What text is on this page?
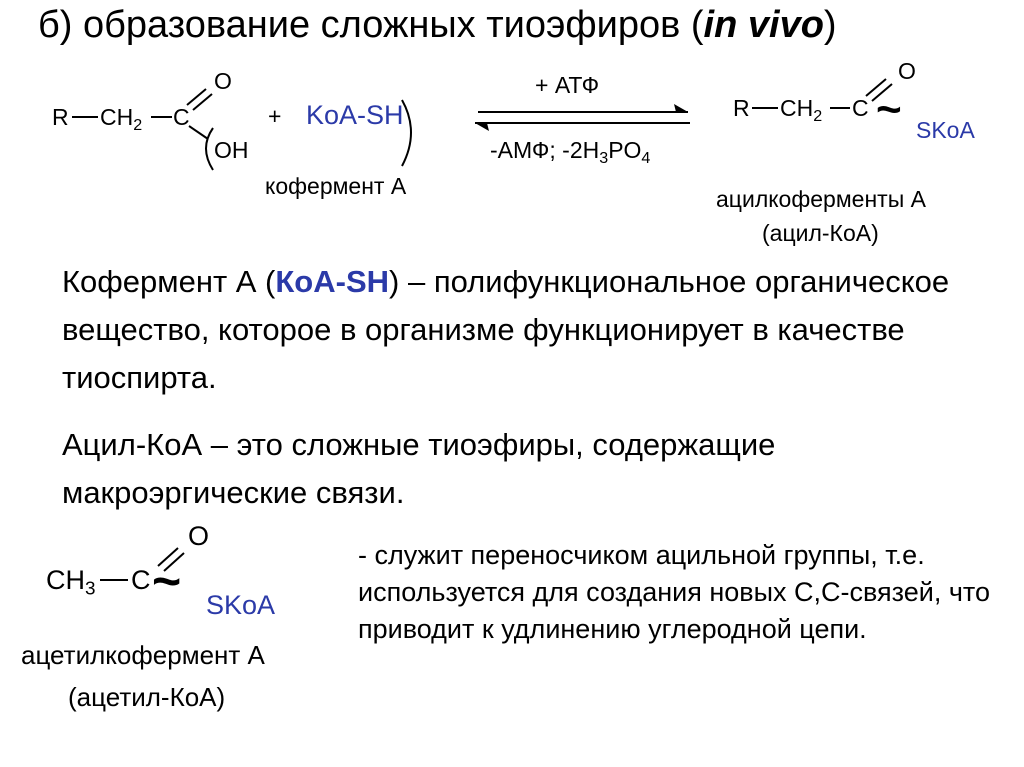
б) образование сложных тиоэфиров (in vivo)
R $CH_2$ C
O
OH
+ KoA-SH
кофермент А
+ АТФ
-АМФ; $-2H_3PO_4$
R $CH_2$ C
O
~ SKoA
ацилкоферменты А
(ацил-КоА)
Кофермент А (КоА-SH) – полифункциональное органическое вещество, которое в организме функционирует в качестве тиоспирта.
Ацил-КоА – это сложные тиоэфиры, содержащие макроэргические связи.
$CH_3$ C
O
~ SKoA
ацетилкофермент А
(ацетил-КоА)
- служит переносчиком ацильной группы, т.е. используется для создания новых С,С-связей, что приводит к удлинению углеродной цепи.
